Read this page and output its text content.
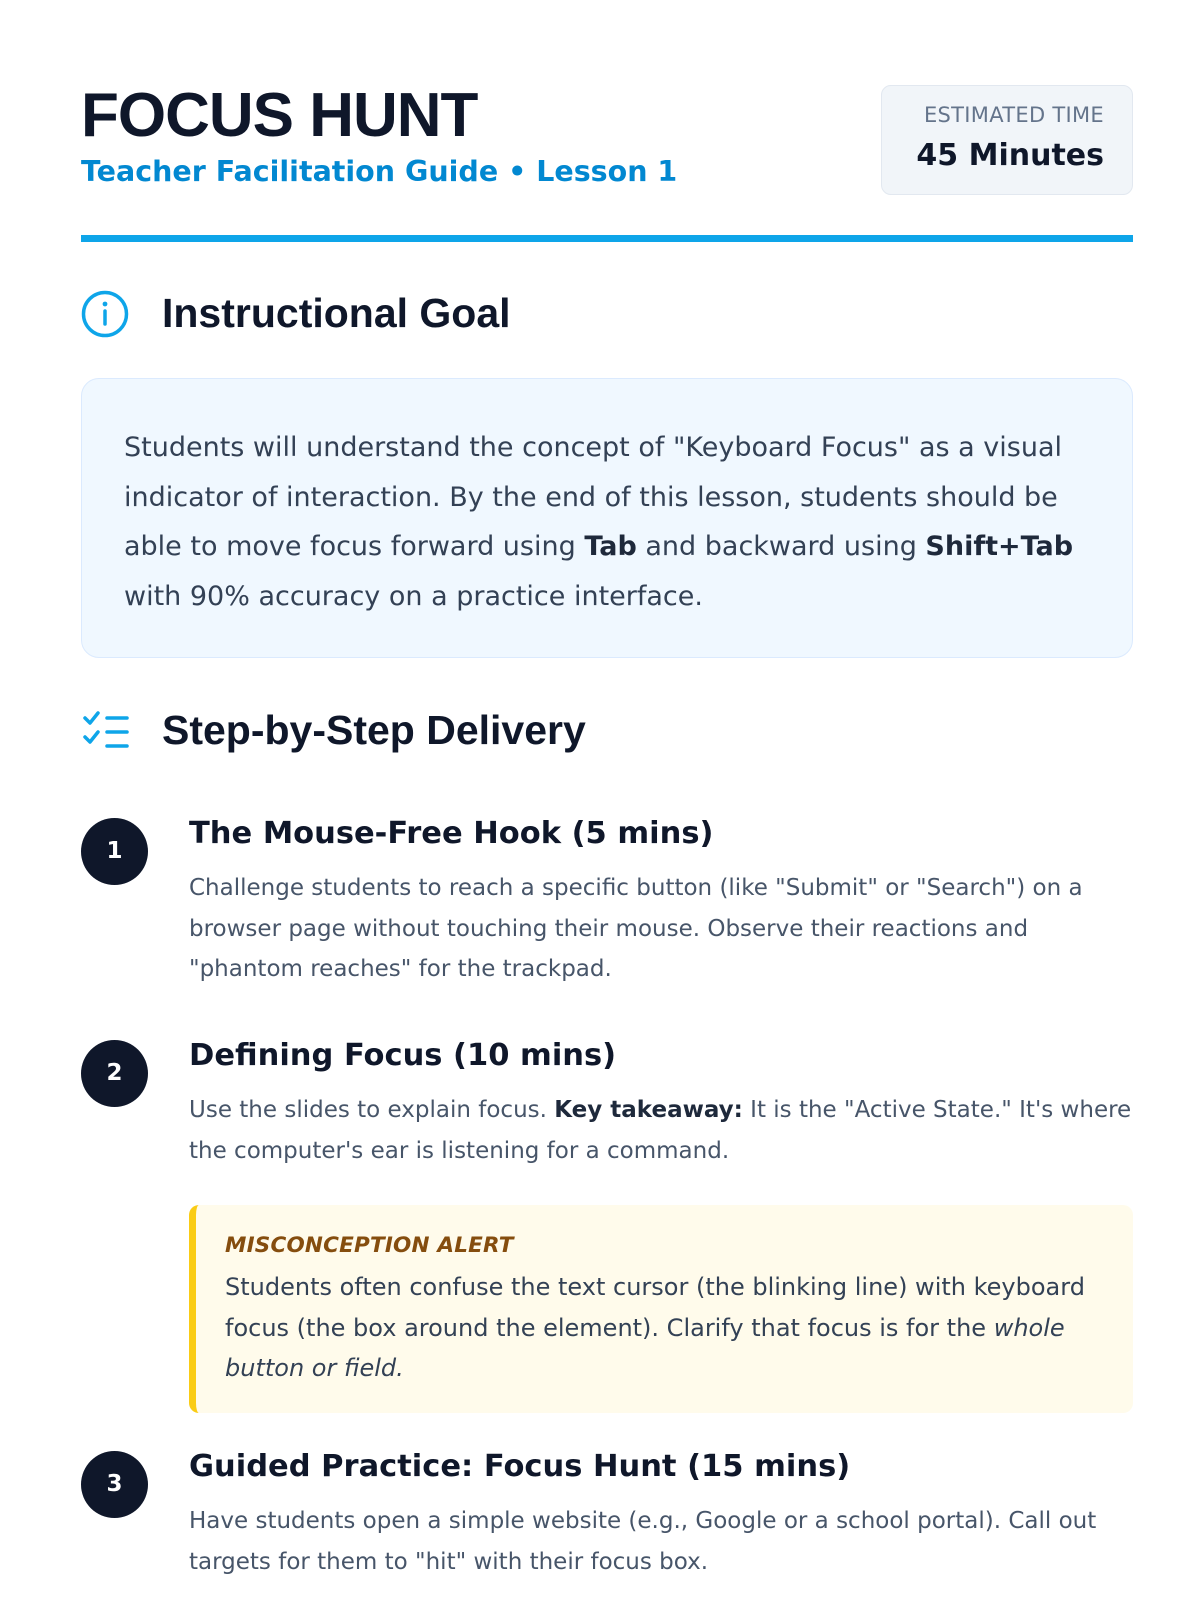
FOCUS HUNT

Teacher Facilitation Guide • Lesson 1

ESTIMATED TIME
45 Minutes
Instructional Goal

Students will understand the concept of "Keyboard Focus" as a visual indicator of interaction. By the end of this lesson, students should be able to move focus forward using Tab and backward using Shift+Tab with 90% accuracy on a practice interface.

Step-by-Step Delivery
1	The Mouse-Free Hook (5 mins)

Challenge students to reach a specific button (like "Submit" or "Search") on a browser page without touching their mouse. Observe their reactions and "phantom reaches" for the trackpad.

2	Defining Focus (10 mins)

Use the slides to explain focus. Key takeaway: It is the "Active State." It's where the computer's ear is listening for a command.

MISCONCEPTION ALERT

Students often confuse the text cursor (the blinking line) with keyboard focus (the box around the element). Clarify that focus is for the whole button or field.

3	Guided Practice: Focus Hunt (15 mins)

Have students open a simple website (e.g., Google or a school portal). Call out targets for them to "hit" with their focus box.
